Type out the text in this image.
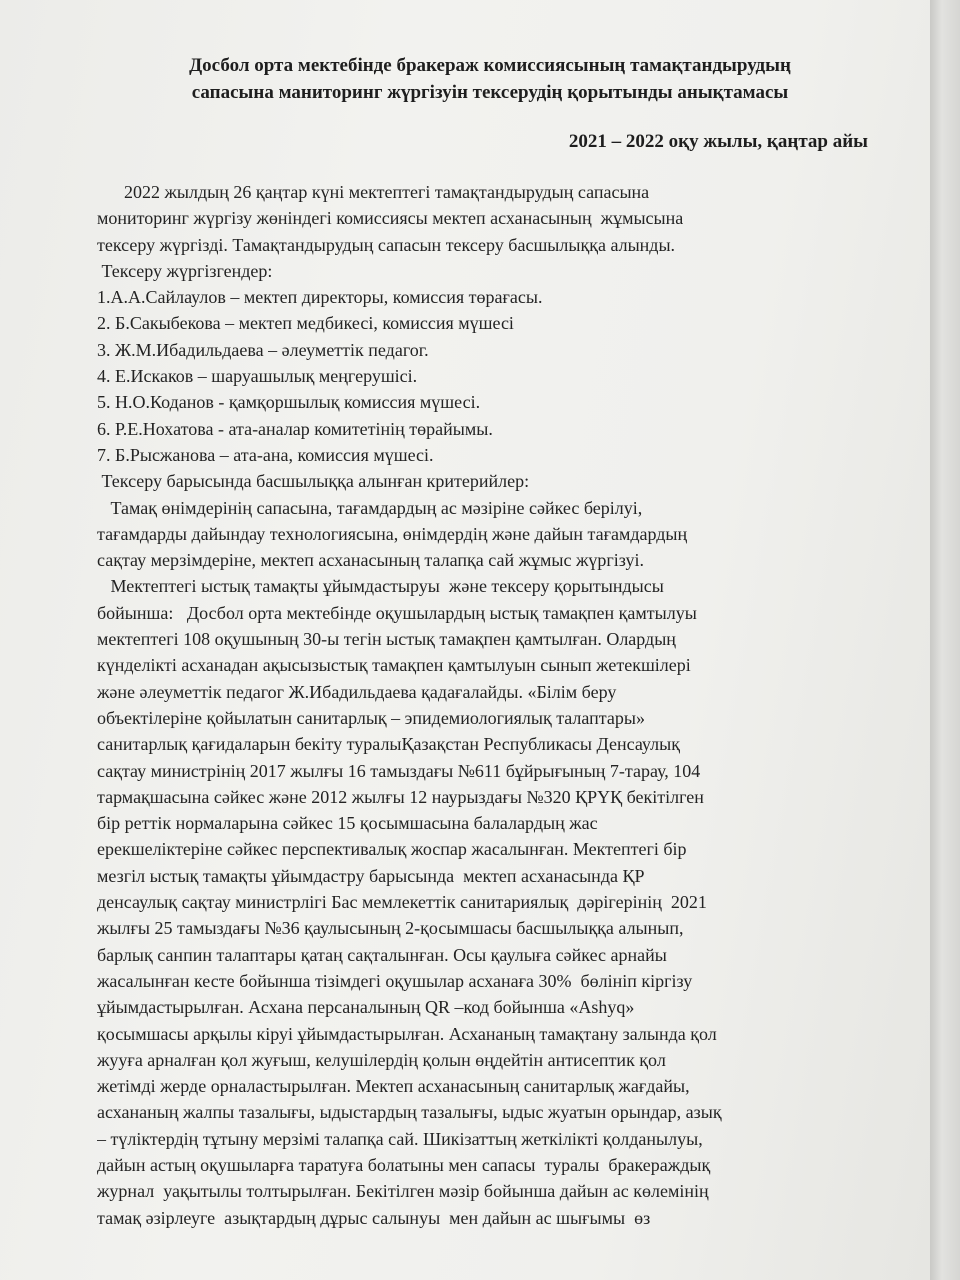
Досбол орта мектебінде бракераж комиссиясының тамақтандырудың
сапасына маниторинг жүргізуін тексерудің қорытынды анықтамасы

2021 – 2022 оқу жылы, қаңтар айы

2022 жылдың 26 қаңтар күні мектептегі тамақтандырудың сапасына
мониторинг жүргізу жөніндегі комиссиясы мектеп асханасының  жұмысына
тексеру жүргізді. Тамақтандырудың сапасын тексеру басшылыққа алынды.
Тексеру жүргізгендер:
1.А.А.Сайлаулов – мектеп директоры, комиссия төрағасы.
2. Б.Сакыбекова – мектеп медбикесі, комиссия мүшесі
3. Ж.М.Ибадильдаева – әлеуметтік педагог.
4. Е.Искаков – шаруашылық меңгерушісі.
5. Н.О.Коданов - қамқоршылық комиссия мүшесі.
6. Р.Е.Нохатова - ата-аналар комитетінің төрайымы.
7. Б.Рысжанова – ата-ана, комиссия мүшесі.
Тексеру барысында басшылыққа алынған критерийлер:
Тамақ өнімдерінің сапасына, тағамдардың ас мәзіріне сәйкес берілуі,
тағамдарды дайындау технологиясына, өнімдердің және дайын тағамдардың
сақтау мерзімдеріне, мектеп асханасының талапқа сай жұмыс жүргізуі.
Мектептегі ыстық тамақты ұйымдастыруы  және тексеру қорытындысы
бойынша:   Досбол орта мектебінде оқушылардың ыстық тамақпен қамтылуы
мектептегі 108 оқушының 30-ы тегін ыстық тамақпен қамтылған. Олардың
күнделікті асханадан ақысызыстық тамақпен қамтылуын сынып жетекшілері
және әлеуметтік педагог Ж.Ибадильдаева қадағалайды. «Білім беру
объектілеріне қойылатын санитарлық – эпидемиологиялық талаптары»
санитарлық қағидаларын бекіту туралыҚазақстан Республикасы Денсаулық
сақтау министрінің 2017 жылғы 16 тамыздағы №611 бұйрығының 7-тарау, 104
тармақшасына сәйкес және 2012 жылғы 12 наурыздағы №320 ҚРҮҚ бекітілген
бір реттік нормаларына сәйкес 15 қосымшасына балалардың жас
ерекшеліктеріне сәйкес перспективалық жоспар жасалынған. Мектептегі бір
мезгіл ыстық тамақты ұйымдастру барысында  мектеп асханасында ҚР
денсаулық сақтау министрлігі Бас мемлекеттік санитариялық  дәрігерінің  2021
жылғы 25 тамыздағы №36 қаулысының 2-қосымшасы басшылыққа алынып,
барлық санпин талаптары қатаң сақталынған. Осы қаулыға сәйкес арнайы
жасалынған кесте бойынша тізімдегі оқушылар асханаға 30%  бөлініп кіргізу
ұйымдастырылған. Асхана персаналының QR –код бойынша «Ashyq»
қосымшасы арқылы кіруі ұйымдастырылған. Асхананың тамақтану залында қол
жууға арналған қол жуғыш, келушілердің қолын өңдейтін антисептик қол
жетімді жерде орналастырылған. Мектеп асханасының санитарлық жағдайы,
асхананың жалпы тазалығы, ыдыстардың тазалығы, ыдыс жуатын орындар, азық
– түліктердің тұтыну мерзімі талапқа сай. Шикізаттың жеткілікті қолданылуы,
дайын астың оқушыларға таратуға болатыны мен сапасы  туралы  бракераждық
журнал  уақытылы толтырылған. Бекітілген мәзір бойынша дайын ас көлемінің
тамақ әзірлеуге  азықтардың дұрыс салынуы  мен дайын ас шығымы  өз
